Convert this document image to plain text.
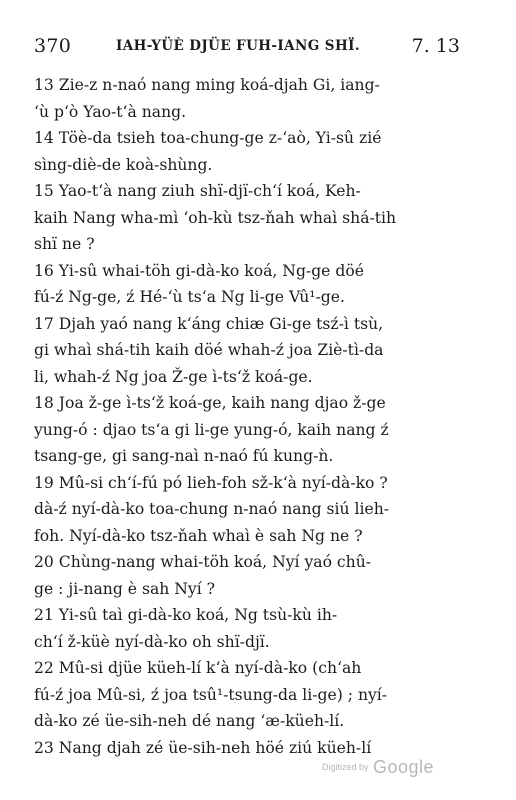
370	IAH-YÜÈ DJÜE FUH-IANG SHÏ.	7. 13
13 Zie-z n-naó nang ming koá-djah Gi, iang-
‘ù p‘ò Yao-t‘à nang.
14 Töè-da tsieh toa-chung-ge z-‘aò, Yi-sû zié
sìng-diè-de koà-shùng.
15 Yao-t‘à nang ziuh shï-djï-ch‘í koá, Keh-
kaih Nang wha-mì ‘oh-kù tsz-ňah whaì shá-tih
shï ne ?
16 Yi-sû whai-töh gi-dà-ko koá, Ng-ge döé
fú-ź Ng-ge, ź Hé-‘ù ts‘a Ng li-ge Vû¹-ge.
17 Djah yaó nang k‘áng chiæ Gi-ge tsź-ì tsù,
gi whaì shá-tih kaih döé whah-ź joa Ziè-tì-da
li, whah-ź Ng joa Ž-ge ì-ts‘ž koá-ge.
18 Joa ž-ge ì-ts‘ž koá-ge, kaih nang djao ž-ge
yung-ó : djao ts‘a gi li-ge yung-ó, kaih nang ź
tsang-ge, gi sang-naì n-naó fú kung-ǹ.
19 Mû-si ch‘í-fú pó lieh-foh sž-k‘à nyí-dà-ko ?
dà-ź nyí-dà-ko toa-chung n-naó nang siú lieh-
foh. Nyí-dà-ko tsz-ňah whaì è sah Ng ne ?
20 Chùng-nang whai-töh koá, Nyí yaó chû-
ge : ji-nang è sah Nyí ?
21 Yi-sû taì gi-dà-ko koá, Ng tsù-kù ih-
ch‘í ž-küè nyí-dà-ko oh shï-djï.
22 Mû-si djüe küeh-lí k‘à nyí-dà-ko (ch‘ah
fú-ź joa Mû-si, ź joa tsû¹-tsung-da li-ge) ; nyí-
dà-ko zé üe-sih-neh dé nang ‘æ-küeh-lí.
23 Nang djah zé üe-sih-neh höé ziú küeh-lí
Digitized by Google
